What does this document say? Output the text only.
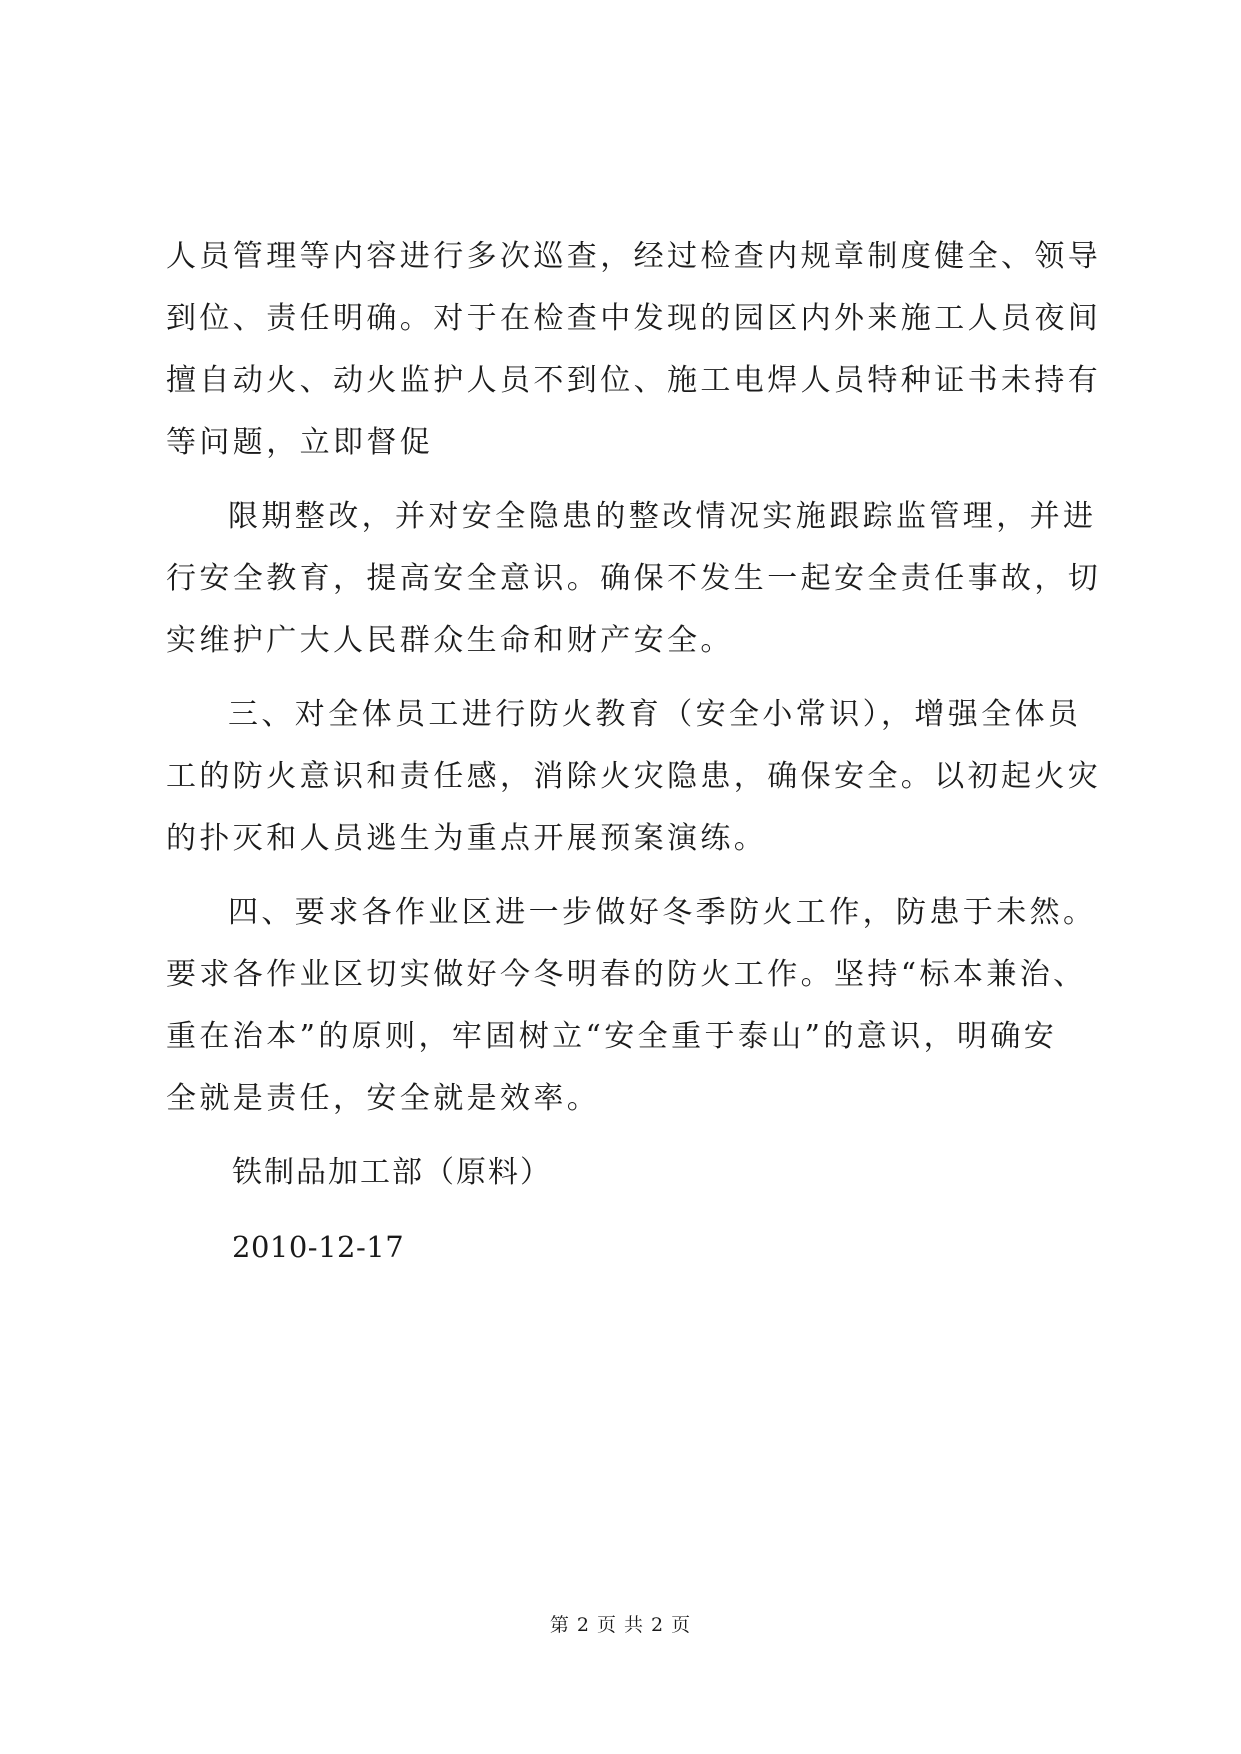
人员管理等内容进行多次巡查，经过检查内规章制度健全、领导
到位、责任明确。对于在检查中发现的园区内外来施工人员夜间
擅自动火、动火监护人员不到位、施工电焊人员特种证书未持有
等问题，立即督促
限期整改，并对安全隐患的整改情况实施跟踪监管理，并进
行安全教育，提高安全意识。确保不发生一起安全责任事故，切
实维护广大人民群众生命和财产安全。
三、对全体员工进行防火教育（安全小常识），增强全体员
工的防火意识和责任感，消除火灾隐患，确保安全。以初起火灾
的扑灭和人员逃生为重点开展预案演练。
四、要求各作业区进一步做好冬季防火工作，防患于未然。
要求各作业区切实做好今冬明春的防火工作。坚持“标本兼治、
重在治本”的原则，牢固树立“安全重于泰山”的意识，明确安
全就是责任，安全就是效率。
铁制品加工部（原料）
2010-12-17
第 2 页 共 2 页
